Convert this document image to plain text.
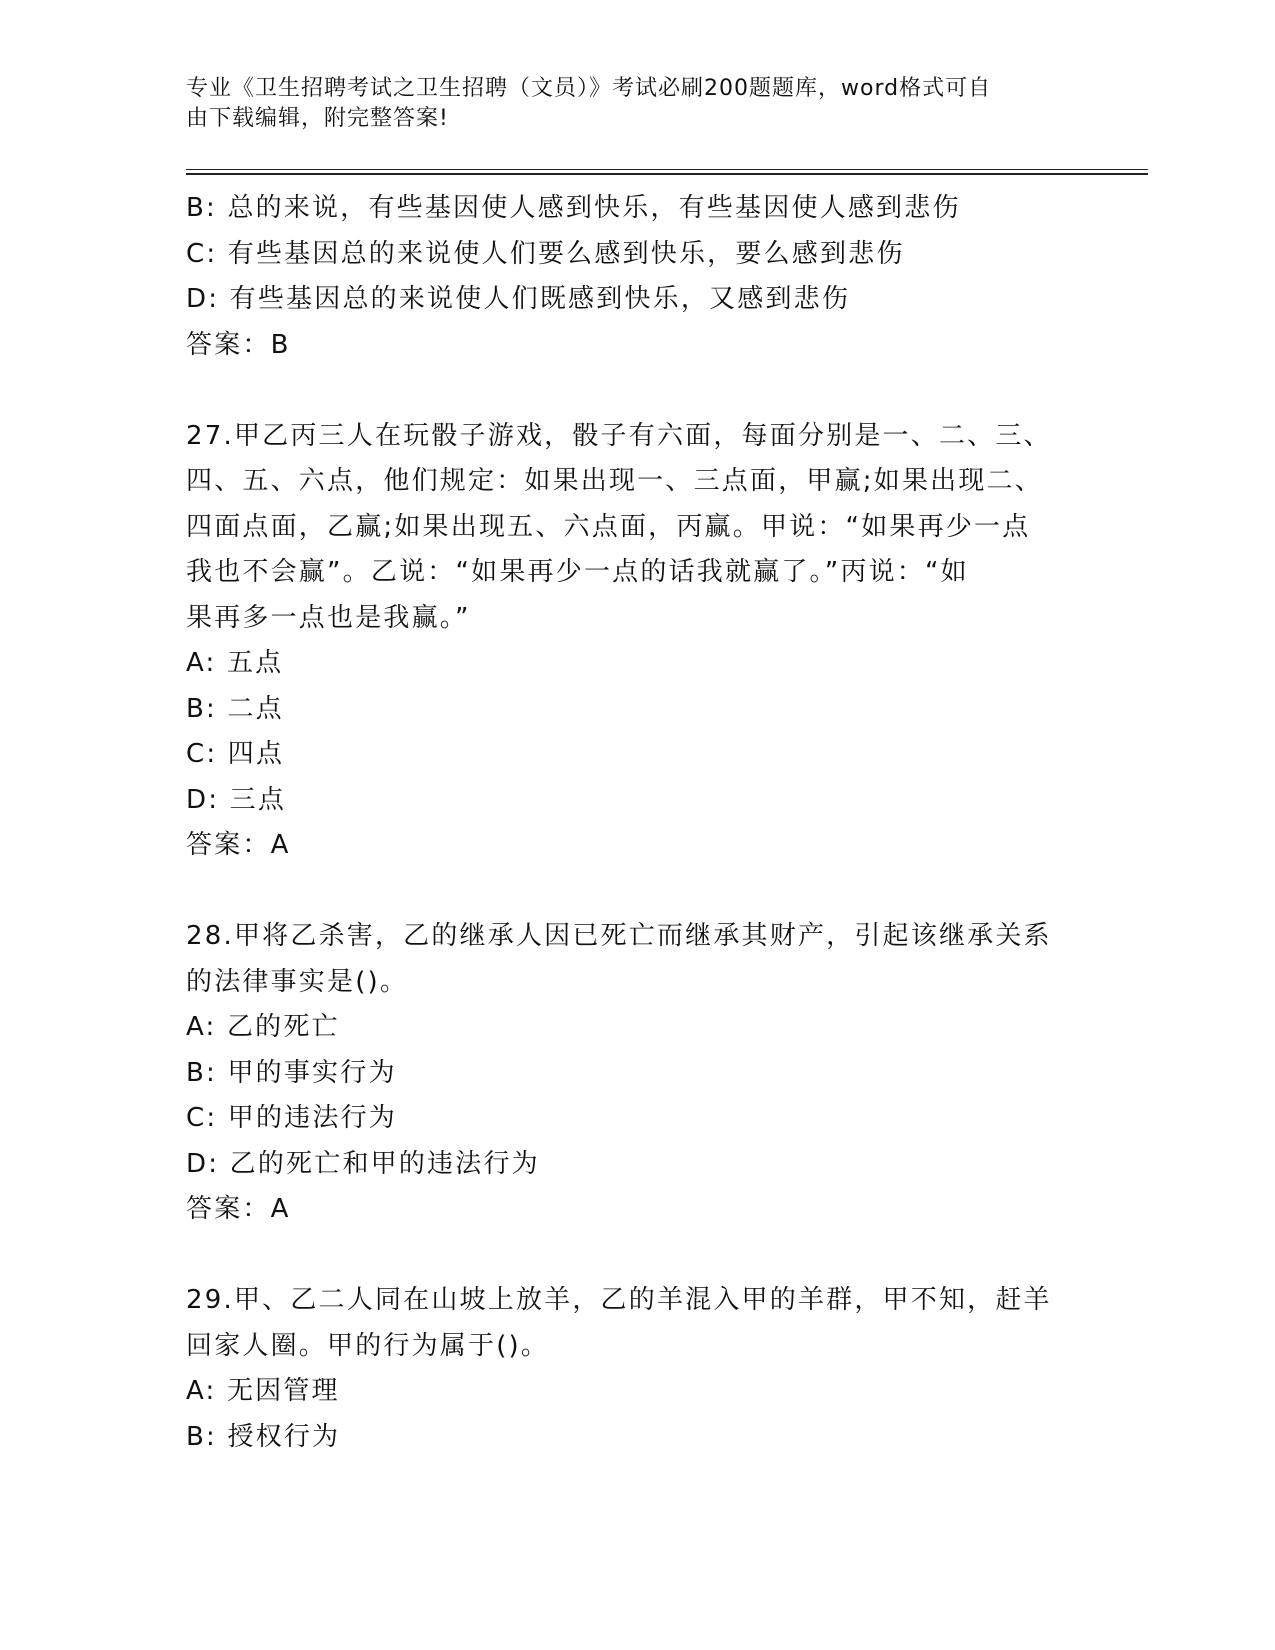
专业《卫生招聘考试之卫生招聘（文员）》考试必刷200题题库，word格式可自
由下载编辑，附完整答案!
B: 总的来说，有些基因使人感到快乐，有些基因使人感到悲伤
C: 有些基因总的来说使人们要么感到快乐，要么感到悲伤
D: 有些基因总的来说使人们既感到快乐，又感到悲伤
答案：B
27.甲乙丙三人在玩骰子游戏，骰子有六面，每面分别是一、二、三、
四、五、六点，他们规定：如果出现一、三点面，甲赢;如果出现二、
四面点面，乙赢;如果出现五、六点面，丙赢。甲说：“如果再少一点
我也不会赢”。乙说：“如果再少一点的话我就赢了。”丙说：“如
果再多一点也是我赢。”
A: 五点
B: 二点
C: 四点
D: 三点
答案：A
28.甲将乙杀害，乙的继承人因已死亡而继承其财产，引起该继承关系
的法律事实是()。
A: 乙的死亡
B: 甲的事实行为
C: 甲的违法行为
D: 乙的死亡和甲的违法行为
答案：A
29.甲、乙二人同在山坡上放羊，乙的羊混入甲的羊群，甲不知，赶羊
回家人圈。甲的行为属于()。
A: 无因管理
B: 授权行为
